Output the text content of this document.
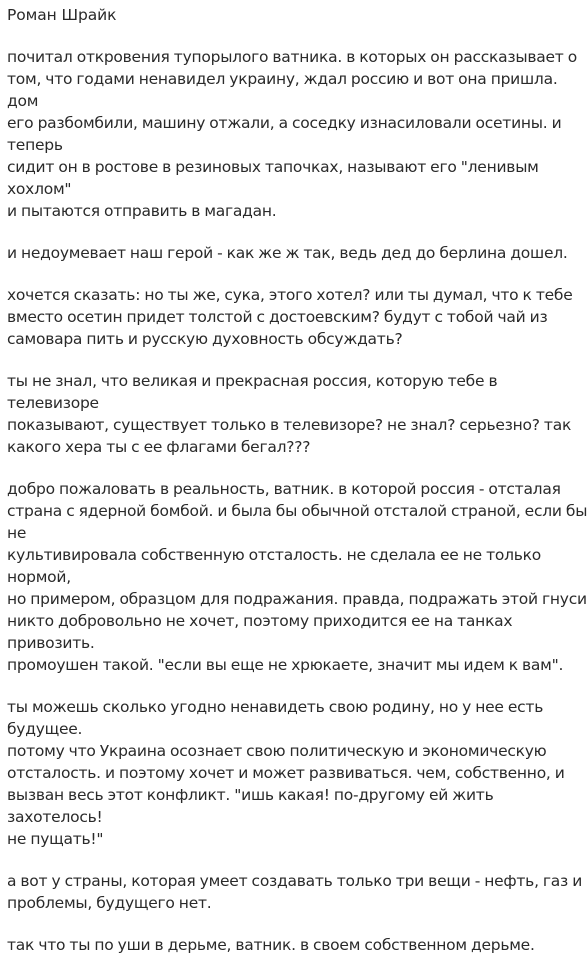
Роман Шрайк

почитал откровения тупорылого ватника. в которых он рассказывает о
том, что годами ненавидел украину, ждал россию и вот она пришла. дом
его разбомбили, машину отжали, а соседку изнасиловали осетины. и теперь
сидит он в ростове в резиновых тапочках, называют его "ленивым хохлом"
и пытаются отправить в магадан.

и недоумевает наш герой - как же ж так, ведь дед до берлина дошел.

хочется сказать: но ты же, сука, этого хотел? или ты думал, что к тебе
вместо осетин придет толстой с достоевским? будут с тобой чай из
самовара пить и русскую духовность обсуждать?

ты не знал, что великая и прекрасная россия, которую тебе в телевизоре
показывают, существует только в телевизоре? не знал? серьезно? так
какого хера ты с ее флагами бегал???

добро пожаловать в реальность, ватник. в которой россия - отсталая
страна с ядерной бомбой. и была бы обычной отсталой страной, если бы не
культивировала собственную отсталость. не сделала ее не только нормой,
но примером, образцом для подражания. правда, подражать этой гнуси
никто добровольно не хочет, поэтому приходится ее на танках привозить.
промоушен такой. "если вы еще не хрюкаете, значит мы идем к вам".

ты можешь сколько угодно ненавидеть свою родину, но у нее есть будущее.
потому что Украина осознает свою политическую и экономическую
отсталость. и поэтому хочет и может развиваться. чем, собственно, и
вызван весь этот конфликт. "ишь какая! по-другому ей жить захотелось!
не пущать!"

а вот у страны, которая умеет создавать только три вещи - нефть, газ и
проблемы, будущего нет.

так что ты по уши в дерьме, ватник. в своем собственном дерьме.
